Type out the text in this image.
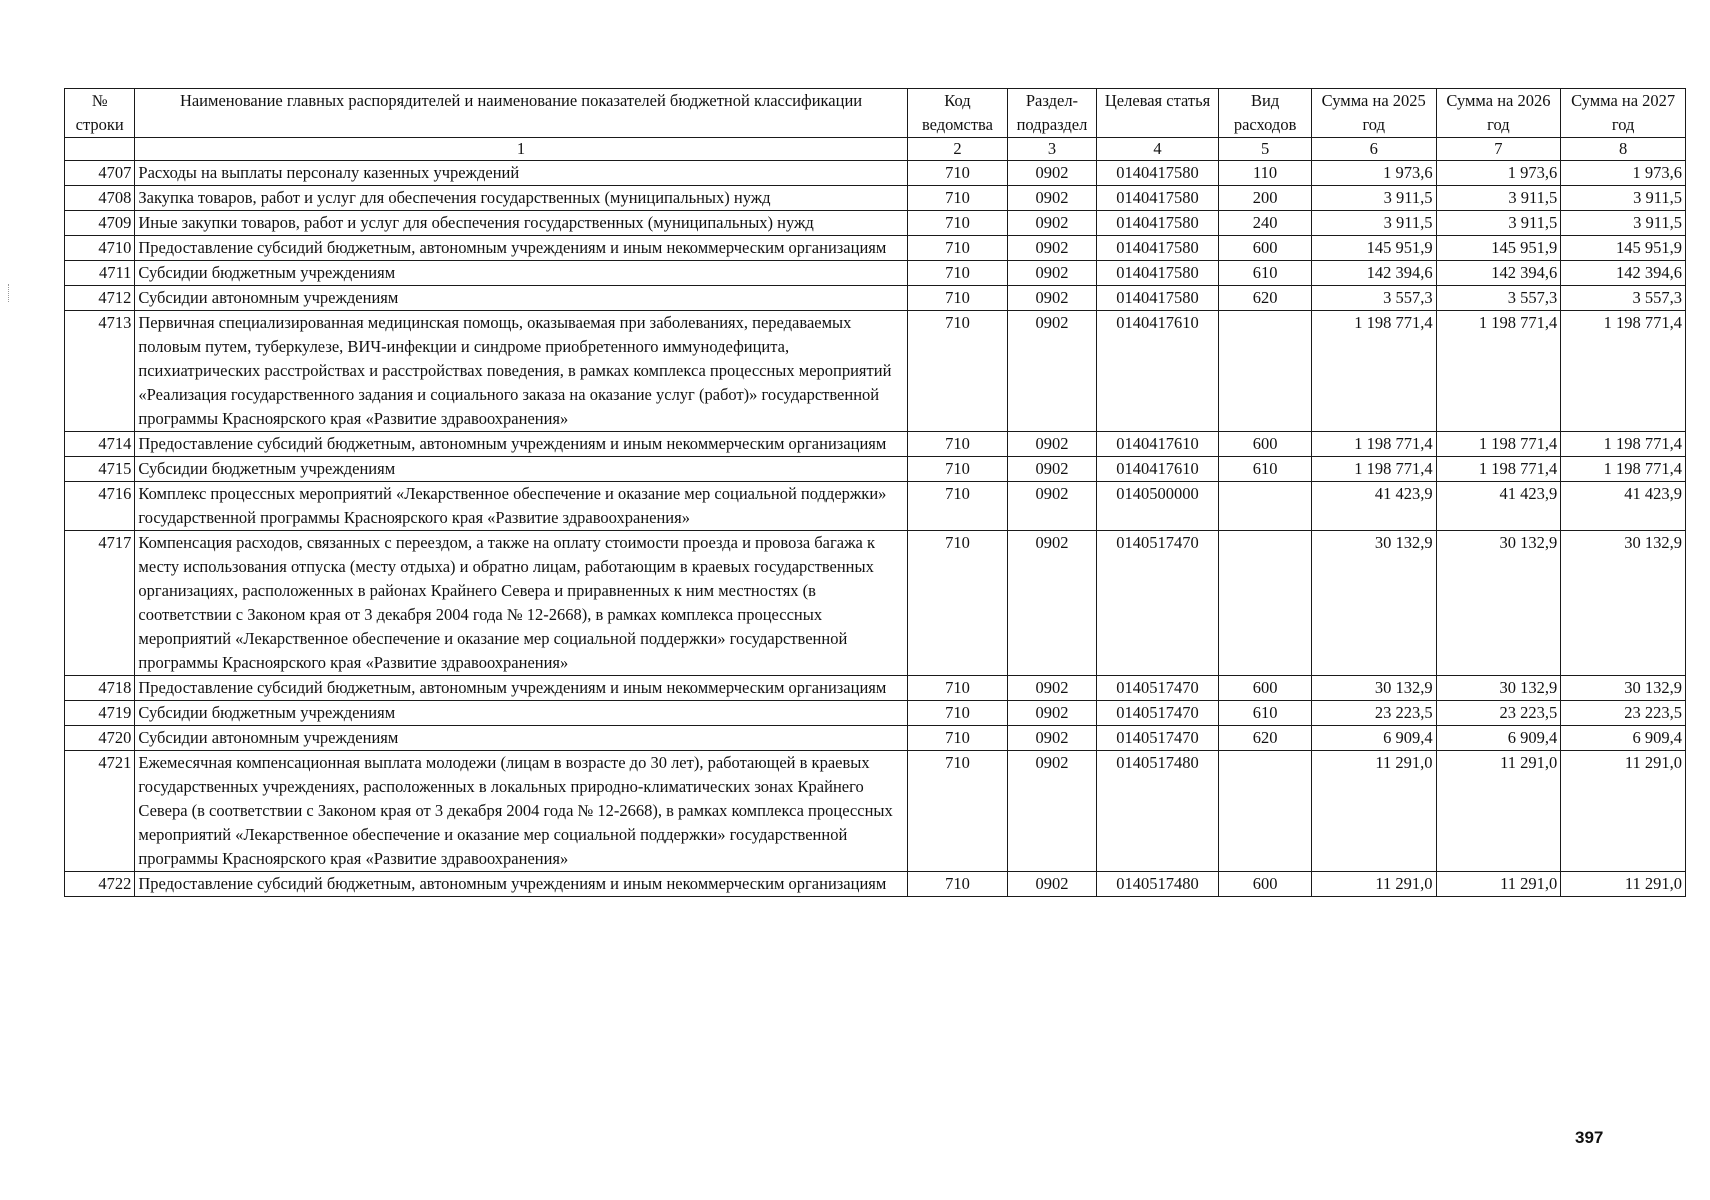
№ строки	Наименование главных распорядителей и наименование показателей бюджетной классификации	Код ведомства	Раздел-подраздел	Целевая статья	Вид расходов	Сумма на 2025 год	Сумма на 2026 год	Сумма на 2027 год
	1	2	3	4	5	6	7	8
4707	Расходы на выплаты персоналу казенных учреждений	710	0902	0140417580	110	1 973,6	1 973,6	1 973,6
4708	Закупка товаров, работ и услуг для обеспечения государственных (муниципальных) нужд	710	0902	0140417580	200	3 911,5	3 911,5	3 911,5
4709	Иные закупки товаров, работ и услуг для обеспечения государственных (муниципальных) нужд	710	0902	0140417580	240	3 911,5	3 911,5	3 911,5
4710	Предоставление субсидий бюджетным, автономным учреждениям и иным некоммерческим организациям	710	0902	0140417580	600	145 951,9	145 951,9	145 951,9
4711	Субсидии бюджетным учреждениям	710	0902	0140417580	610	142 394,6	142 394,6	142 394,6
4712	Субсидии автономным учреждениям	710	0902	0140417580	620	3 557,3	3 557,3	3 557,3
4713	Первичная специализированная медицинская помощь, оказываемая при заболеваниях, передаваемых половым путем, туберкулезе, ВИЧ-инфекции и синдроме приобретенного иммунодефицита, психиатрических расстройствах и расстройствах поведения, в рамках комплекса процессных мероприятий «Реализация государственного задания и социального заказа на оказание услуг (работ)» государственной программы Красноярского края «Развитие здравоохранения»	710	0902	0140417610		1 198 771,4	1 198 771,4	1 198 771,4
4714	Предоставление субсидий бюджетным, автономным учреждениям и иным некоммерческим организациям	710	0902	0140417610	600	1 198 771,4	1 198 771,4	1 198 771,4
4715	Субсидии бюджетным учреждениям	710	0902	0140417610	610	1 198 771,4	1 198 771,4	1 198 771,4
4716	Комплекс процессных мероприятий «Лекарственное обеспечение и оказание мер социальной поддержки» государственной программы Красноярского края «Развитие здравоохранения»	710	0902	0140500000		41 423,9	41 423,9	41 423,9
4717	Компенсация расходов, связанных с переездом, а также на оплату стоимости проезда и провоза багажа к месту использования отпуска (месту отдыха) и обратно лицам, работающим в краевых государственных организациях, расположенных в районах Крайнего Севера и приравненных к ним местностях (в соответствии с Законом края от 3 декабря 2004 года № 12-2668), в рамках комплекса процессных мероприятий «Лекарственное обеспечение и оказание мер социальной поддержки» государственной программы Красноярского края «Развитие здравоохранения»	710	0902	0140517470		30 132,9	30 132,9	30 132,9
4718	Предоставление субсидий бюджетным, автономным учреждениям и иным некоммерческим организациям	710	0902	0140517470	600	30 132,9	30 132,9	30 132,9
4719	Субсидии бюджетным учреждениям	710	0902	0140517470	610	23 223,5	23 223,5	23 223,5
4720	Субсидии автономным учреждениям	710	0902	0140517470	620	6 909,4	6 909,4	6 909,4
4721	Ежемесячная компенсационная выплата молодежи (лицам в возрасте до 30 лет), работающей в краевых государственных учреждениях, расположенных в локальных природно-климатических зонах Крайнего Севера (в соответствии с Законом края от 3 декабря 2004 года № 12-2668), в рамках комплекса процессных мероприятий «Лекарственное обеспечение и оказание мер социальной поддержки» государственной программы Красноярского края «Развитие здравоохранения»	710	0902	0140517480		11 291,0	11 291,0	11 291,0
4722	Предоставление субсидий бюджетным, автономным учреждениям и иным некоммерческим организациям	710	0902	0140517480	600	11 291,0	11 291,0	11 291,0
397
